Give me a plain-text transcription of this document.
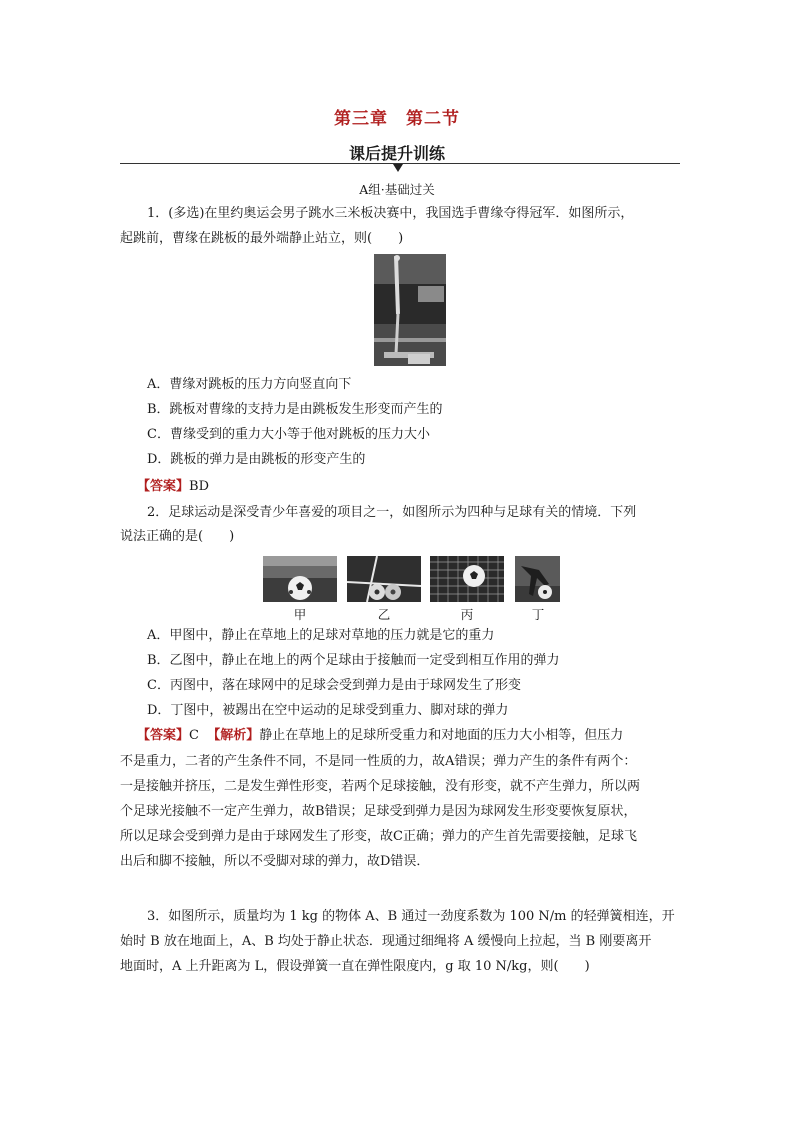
第三章　第二节
课后提升训练
A组·基础过关
1．(多选)在里约奥运会男子跳水三米板决赛中，我国选手曹缘夺得冠军．如图所示，
起跳前，曹缘在跳板的最外端静止站立，则(　　)
A．曹缘对跳板的压力方向竖直向下
B．跳板对曹缘的支持力是由跳板发生形变而产生的
C．曹缘受到的重力大小等于他对跳板的压力大小
D．跳板的弹力是由跳板的形变产生的
【答案】BD
2．足球运动是深受青少年喜爱的项目之一，如图所示为四种与足球有关的情境．下列
说法正确的是(　　)
甲	乙	丙	丁
A．甲图中，静止在草地上的足球对草地的压力就是它的重力
B．乙图中，静止在地上的两个足球由于接触而一定受到相互作用的弹力
C．丙图中，落在球网中的足球会受到弹力是由于球网发生了形变
D．丁图中，被踢出在空中运动的足球受到重力、脚对球的弹力
【答案】C 【解析】静止在草地上的足球所受重力和对地面的压力大小相等，但压力
不是重力，二者的产生条件不同，不是同一性质的力，故A错误；弹力产生的条件有两个：
一是接触并挤压，二是发生弹性形变，若两个足球接触，没有形变，就不产生弹力，所以两
个足球光接触不一定产生弹力，故B错误；足球受到弹力是因为球网发生形变要恢复原状，
所以足球会受到弹力是由于球网发生了形变，故C正确；弹力的产生首先需要接触，足球飞
出后和脚不接触，所以不受脚对球的弹力，故D错误．
3．如图所示，质量均为 1 kg 的物体 A、B 通过一劲度系数为 100 N/m 的轻弹簧相连，开
始时 B 放在地面上，A、B 均处于静止状态．现通过细绳将 A 缓慢向上拉起，当 B 刚要离开
地面时，A 上升距离为 L，假设弹簧一直在弹性限度内，g 取 10 N/kg，则(　　)
